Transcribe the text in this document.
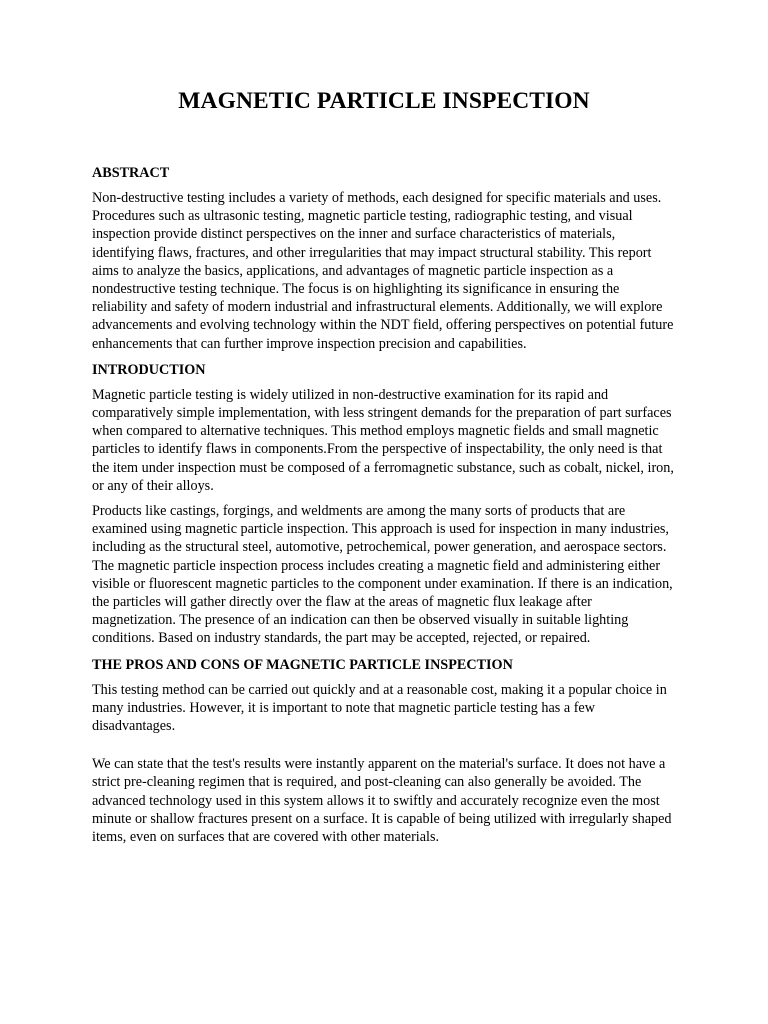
MAGNETIC PARTICLE INSPECTION
ABSTRACT

Non-destructive testing includes a variety of methods, each designed for specific materials and uses. Procedures such as ultrasonic testing, magnetic particle testing, radiographic testing, and visual inspection provide distinct perspectives on the inner and surface characteristics of materials, identifying flaws, fractures, and other irregularities that may impact structural stability. This report aims to analyze the basics, applications, and advantages of magnetic particle inspection as a nondestructive testing technique. The focus is on highlighting its significance in ensuring the reliability and safety of modern industrial and infrastructural elements. Additionally, we will explore advancements and evolving technology within the NDT field, offering perspectives on potential future enhancements that can further improve inspection precision and capabilities.

INTRODUCTION

Magnetic particle testing is widely utilized in non-destructive examination for its rapid and comparatively simple implementation, with less stringent demands for the preparation of part surfaces when compared to alternative techniques. This method employs magnetic fields and small magnetic particles to identify flaws in components.From the perspective of inspectability, the only need is that the item under inspection must be composed of a ferromagnetic substance, such as cobalt, nickel, iron, or any of their alloys.

Products like castings, forgings, and weldments are among the many sorts of products that are examined using magnetic particle inspection. This approach is used for inspection in many industries, including as the structural steel, automotive, petrochemical, power generation, and aerospace sectors. The magnetic particle inspection process includes creating a magnetic field and administering either visible or fluorescent magnetic particles to the component under examination. If there is an indication, the particles will gather directly over the flaw at the areas of magnetic flux leakage after magnetization. The presence of an indication can then be observed visually in suitable lighting conditions. Based on industry standards, the part may be accepted, rejected, or repaired.

THE PROS AND CONS OF MAGNETIC PARTICLE INSPECTION

This testing method can be carried out quickly and at a reasonable cost, making it a popular choice in many industries. However, it is important to note that magnetic particle testing has a few disadvantages.

We can state that the test's results were instantly apparent on the material's surface. It does not have a strict pre-cleaning regimen that is required, and post-cleaning can also generally be avoided. The advanced technology used in this system allows it to swiftly and accurately recognize even the most minute or shallow fractures present on a surface. It is capable of being utilized with irregularly shaped items, even on surfaces that are covered with other materials.
